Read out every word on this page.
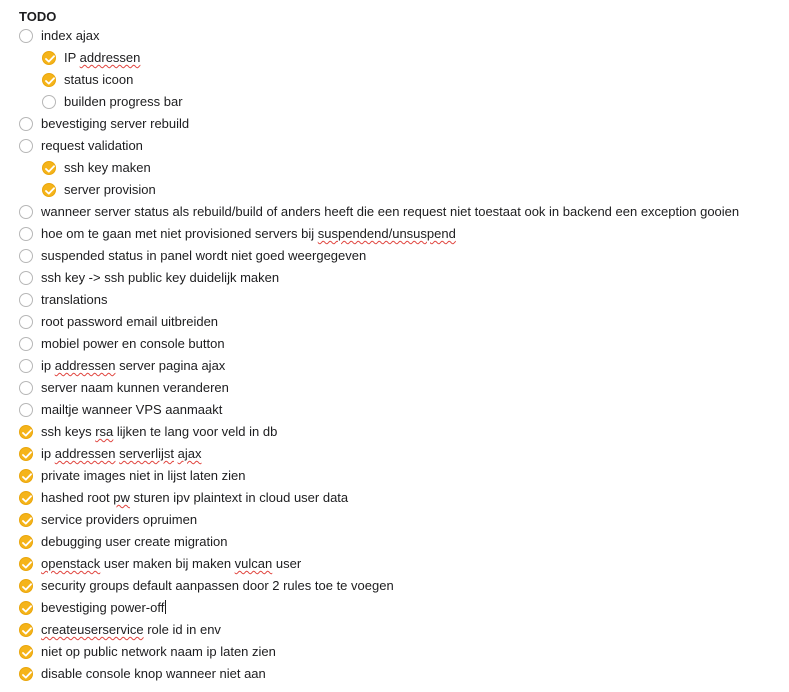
TODO
index ajax
IP addressen
status icoon
builden progress bar
bevestiging server rebuild
request validation
ssh key maken
server provision
wanneer server status als rebuild/build of anders heeft die een request niet toestaat ook in backend een exception gooien
hoe om te gaan met niet provisioned servers bij suspendend/unsuspend
suspended status in panel wordt niet goed weergegeven
ssh key -> ssh public key duidelijk maken
translations
root password email uitbreiden
mobiel power en console button
ip addressen server pagina ajax
server naam kunnen veranderen
mailtje wanneer VPS aanmaakt
ssh keys rsa lijken te lang voor veld in db
ip addressen serverlijst ajax
private images niet in lijst laten zien
hashed root pw sturen ipv plaintext in cloud user data
service providers opruimen
debugging user create migration
openstack user maken bij maken vulcan user
security groups default aanpassen door 2 rules toe te voegen
bevestiging power-off
createuserservice role id in env
niet op public network naam ip laten zien
disable console knop wanneer niet aan
